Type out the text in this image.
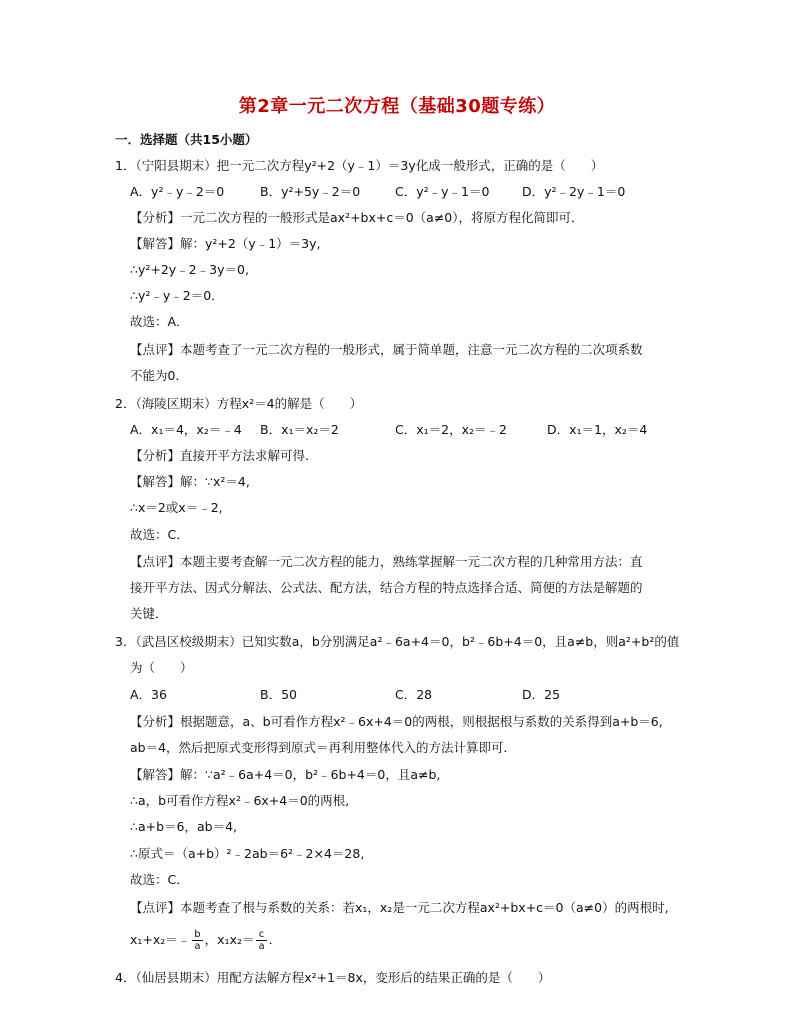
第2章一元二次方程（基础30题专练）
一．选择题（共15小题）
1．（宁阳县期末）把一元二次方程y²+2（y﹣1）＝3y化成一般形式，正确的是（　　）
A．y²﹣y﹣2＝0	B．y²+5y﹣2＝0	C．y²﹣y﹣1＝0	D．y²﹣2y﹣1＝0
【分析】一元二次方程的一般形式是ax²+bx+c＝0（a≠0），将原方程化简即可．
【解答】解：y²+2（y﹣1）＝3y,
∴y²+2y﹣2﹣3y＝0,
∴y²﹣y﹣2＝0．
故选：A．
【点评】本题考查了一元二次方程的一般形式，属于简单题，注意一元二次方程的二次项系数
不能为0．
2．（海陵区期末）方程x²＝4的解是（　　）
A．x₁＝4，x₂＝﹣4 B．x₁＝x₂＝2	C．x₁＝2，x₂＝﹣2	D．x₁＝1，x₂＝4
【分析】直接开平方法求解可得．
【解答】解：∵x²＝4,
∴x＝2或x＝﹣2,
故选：C．
【点评】本题主要考查解一元二次方程的能力，熟练掌握解一元二次方程的几种常用方法：直
接开平方法、因式分解法、公式法、配方法，结合方程的特点选择合适、简便的方法是解题的
关键．
3．（武昌区校级期末）已知实数a，b分别满足a²﹣6a+4＝0，b²﹣6b+4＝0，且a≠b，则a²+b²的值
为（　　）
A．36	B．50	C．28	D．25
【分析】根据题意，a、b可看作方程x²﹣6x+4＝0的两根，则根据根与系数的关系得到a+b＝6,
ab＝4，然后把原式变形得到原式＝再利用整体代入的方法计算即可．
【解答】解：∵a²﹣6a+4＝0，b²﹣6b+4＝0，且a≠b,
∴a，b可看作方程x²﹣6x+4＝0的两根,
∴a+b＝6，ab＝4,
∴原式＝（a+b）²﹣2ab＝6²﹣2×4＝28,
故选：C．
【点评】本题考查了根与系数的关系：若x₁，x₂是一元二次方程ax²+bx+c＝0（a≠0）的两根时,
x₁+x₂＝﹣ $\frac{b}{a}$ ，$x_1x_2= \frac{c}{a}$ ．
4．（仙居县期末）用配方法解方程x²+1＝8x，变形后的结果正确的是（　　）
